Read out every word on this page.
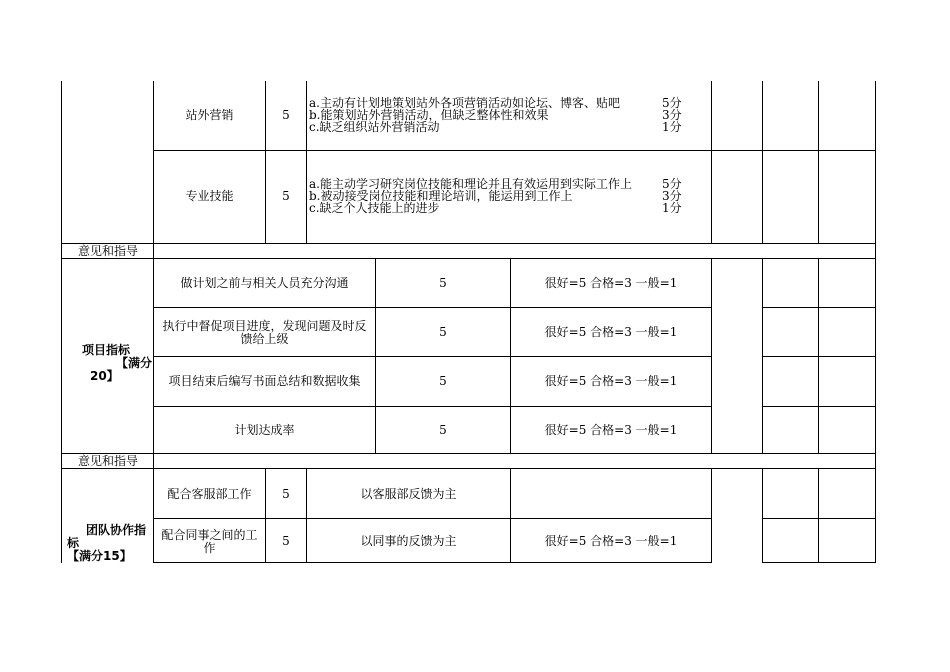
站外营销	5
a.主动有计划地策划站外各项营销活动如论坛、博客、贴吧	5分
b.能策划站外营销活动，但缺乏整体性和效果	3分
c.缺乏组织站外营销活动	1分
专业技能	5
a.能主动学习研究岗位技能和理论并且有效运用到实际工作上	5分
b.被动接受岗位技能和理论培训，能运用到工作上	3分
c.缺乏个人技能上的进步	1分
意见和指导
项目指标
【满分
20】
做计划之前与相关人员充分沟通	5	很好=5 合格=3 一般=1
执行中督促项目进度，发现问题及时反
馈给上级	5	很好=5 合格=3 一般=1
项目结束后编写书面总结和数据收集	5	很好=5 合格=3 一般=1
计划达成率	5	很好=5 合格=3 一般=1
意见和指导
团队协作指
标
【满分15】
配合客服部工作	5	以客服部反馈为主
配合同事之间的工
作	5	以同事的反馈为主	很好=5 合格=3 一般=1
